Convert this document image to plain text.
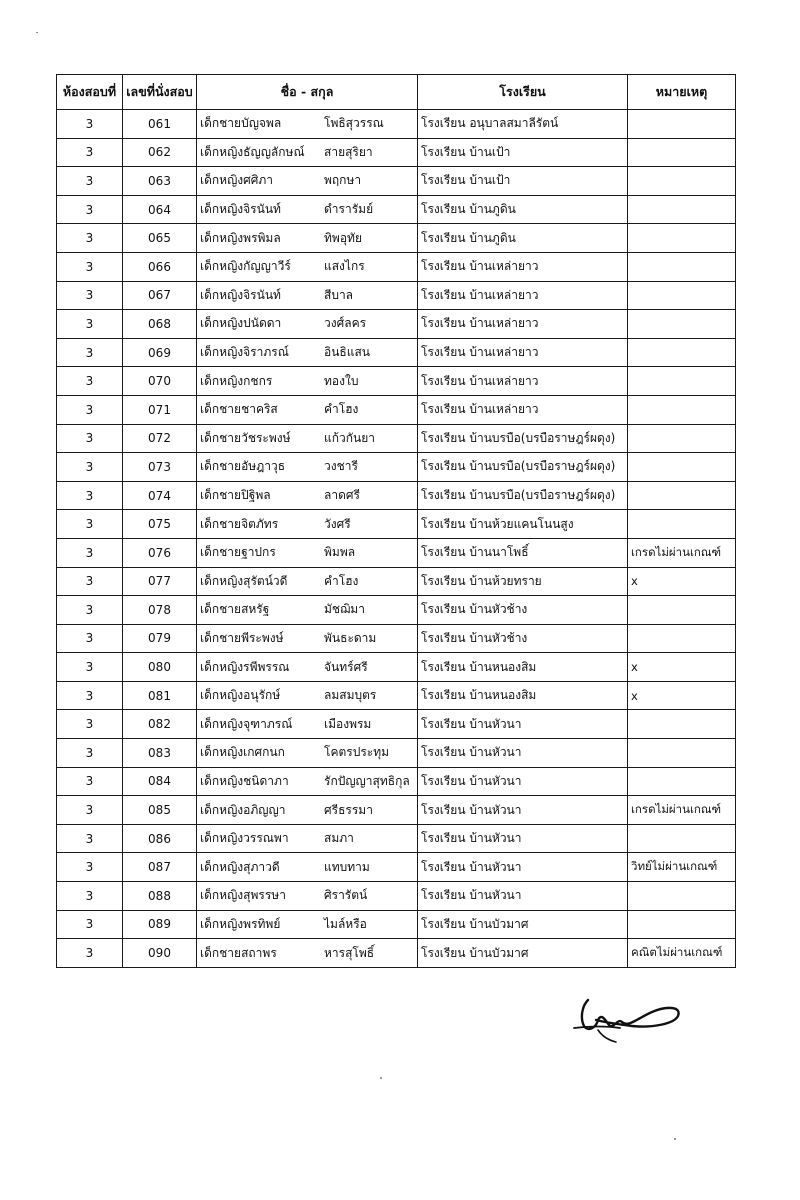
ห้องสอบที่	เลขที่นั่งสอบ	ชื่อ - สกุล	โรงเรียน	หมายเหตุ
3	061	เด็กชายบัญจพล โพธิสุวรรณ	โรงเรียน อนุบาลสมาลีรัตน์	
3	062	เด็กหญิงธัญญลักษณ์ สายสุริยา	โรงเรียน บ้านเป้า	
3	063	เด็กหญิงศศิภา พฤกษา	โรงเรียน บ้านเป้า	
3	064	เด็กหญิงจิรนันท์ ดำรารัมย์	โรงเรียน บ้านภูดิน	
3	065	เด็กหญิงพรพิมล ทิพอุทัย	โรงเรียน บ้านภูดิน	
3	066	เด็กหญิงกัญญาวีร์ แสงไกร	โรงเรียน บ้านเหล่ายาว	
3	067	เด็กหญิงจิรนันท์ สีบาล	โรงเรียน บ้านเหล่ายาว	
3	068	เด็กหญิงปนัดดา วงศ์ลคร	โรงเรียน บ้านเหล่ายาว	
3	069	เด็กหญิงจิราภรณ์ อินธิแสน	โรงเรียน บ้านเหล่ายาว	
3	070	เด็กหญิงกชกร ทองใบ	โรงเรียน บ้านเหล่ายาว	
3	071	เด็กชายชาคริส คำโฮง	โรงเรียน บ้านเหล่ายาว	
3	072	เด็กชายวัชระพงษ์ แก้วกันยา	โรงเรียน บ้านบรบือ(บรบือราษฎร์ผดุง)	
3	073	เด็กชายอัษฎาวุธ วงชารี	โรงเรียน บ้านบรบือ(บรบือราษฎร์ผดุง)	
3	074	เด็กชายปิฐิพล ลาดศรี	โรงเรียน บ้านบรบือ(บรบือราษฎร์ผดุง)	
3	075	เด็กชายจิตภัทร วังศรี	โรงเรียน บ้านห้วยแคนโนนสูง	
3	076	เด็กชายฐาปกร พิมพล	โรงเรียน บ้านนาโพธิ์	เกรดไม่ผ่านเกณฑ์
3	077	เด็กหญิงสุรัตน์วดี คำโฮง	โรงเรียน บ้านห้วยทราย	x
3	078	เด็กชายสหรัฐ มัชฌิมา	โรงเรียน บ้านหัวช้าง	
3	079	เด็กชายพีระพงษ์ พันธะดาม	โรงเรียน บ้านหัวช้าง	
3	080	เด็กหญิงรพีพรรณ จันทร์ศรี	โรงเรียน บ้านหนองสิม	x
3	081	เด็กหญิงอนุรักษ์ ลมสมบุตร	โรงเรียน บ้านหนองสิม	x
3	082	เด็กหญิงจุฑาภรณ์ เมืองพรม	โรงเรียน บ้านหัวนา	
3	083	เด็กหญิงเกศกนก โคตรประทุม	โรงเรียน บ้านหัวนา	
3	084	เด็กหญิงชนิดาภา รักปัญญาสุทธิกุล	โรงเรียน บ้านหัวนา	
3	085	เด็กหญิงอภิญญา ศรีธรรมา	โรงเรียน บ้านหัวนา	เกรดไม่ผ่านเกณฑ์
3	086	เด็กหญิงวรรณพา สมภา	โรงเรียน บ้านหัวนา	
3	087	เด็กหญิงสุภาวดี แทบทาม	โรงเรียน บ้านหัวนา	วิทย์ไม่ผ่านเกณฑ์
3	088	เด็กหญิงสุพรรษา ศิรารัตน์	โรงเรียน บ้านหัวนา	
3	089	เด็กหญิงพรทิพย์ ไมล์หรือ	โรงเรียน บ้านบัวมาศ	
3	090	เด็กชายสถาพร หารสุโพธิ์	โรงเรียน บ้านบัวมาศ	คณิตไม่ผ่านเกณฑ์
